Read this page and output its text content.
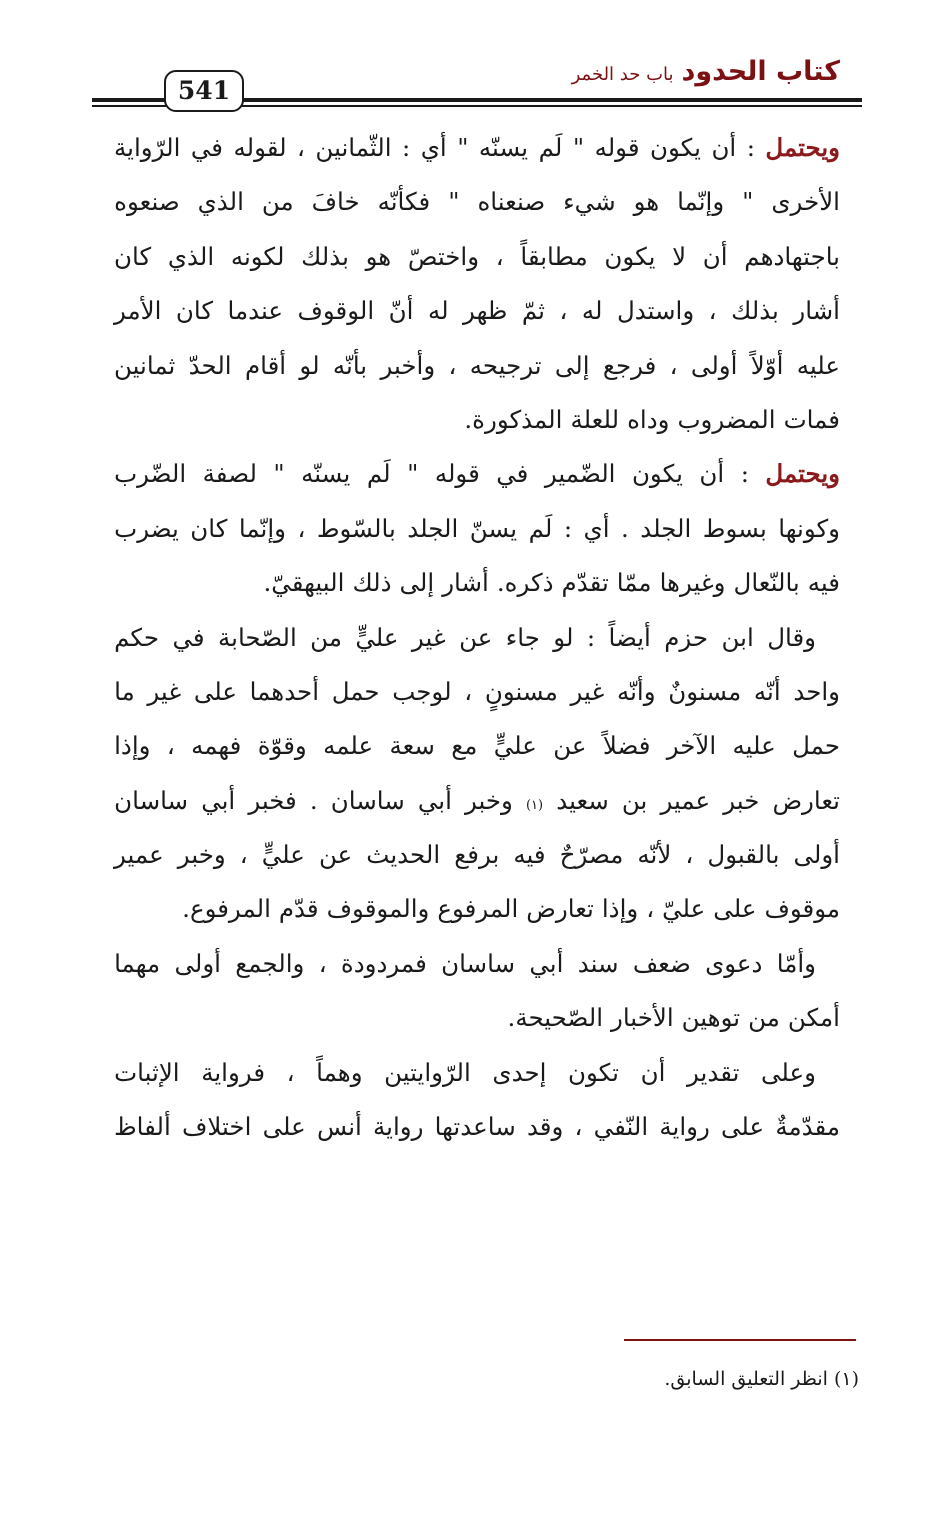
كتاب الحدودباب حد الخمر
541
ويحتمل
:
أن
يكون
قوله
"
لَم
يسنّه
"
أي
:
الثّمانين
،
لقوله
في
الرّواية
الأخرى
"
وإنّما
هو
شيء
صنعناه
"
فكأنّه
خافَ
من
الذي
صنعوه
باجتهادهم
أن
لا
يكون
مطابقاً
،
واختصّ
هو
بذلك
لكونه
الذي
كان
أشار
بذلك
،
واستدل
له
،
ثمّ
ظهر
له
أنّ
الوقوف
عندما
كان
الأمر
عليه
أوّلاً
أولى
،
فرجع
إلى
ترجيحه
،
وأخبر
بأنّه
لو
أقام
الحدّ
ثمانين
فمات
المضروب
وداه
للعلة
المذكورة.
ويحتمل
:
أن
يكون
الضّمير
في
قوله
"
لَم
يسنّه
"
لصفة
الضّرب
وكونها
بسوط
الجلد
.
أي
:
لَم
يسنّ
الجلد
بالسّوط
،
وإنّما
كان
يضرب
فيه
بالنّعال
وغيرها
ممّا
تقدّم
ذكره.
أشار
إلى
ذلك
البيهقيّ.
وقال
ابن
حزم
أيضاً
:
لو
جاء
عن
غير
عليٍّ
من
الصّحابة
في
حكم
واحد
أنّه
مسنونٌ
وأنّه
غير
مسنونٍ
،
لوجب
حمل
أحدهما
على
غير
ما
حمل
عليه
الآخر
فضلاً
عن
عليٍّ
مع
سعة
علمه
وقوّة
فهمه
،
وإذا
تعارض
خبر
عمير
بن
سعيد
(١)
وخبر
أبي
ساسان
.
فخبر
أبي
ساسان
أولى
بالقبول
،
لأنّه
مصرّحٌ
فيه
برفع
الحديث
عن
عليٍّ
،
وخبر
عمير
موقوف
على
عليّ
،
وإذا
تعارض
المرفوع
والموقوف
قدّم
المرفوع.
وأمّا
دعوى
ضعف
سند
أبي
ساسان
فمردودة
،
والجمع
أولى
مهما
أمكن
من
توهين
الأخبار
الصّحيحة.
وعلى
تقدير
أن
تكون
إحدى
الرّوايتين
وهماً
،
فرواية
الإثبات
مقدّمةٌ
على
رواية
النّفي
،
وقد
ساعدتها
رواية
أنس
على
اختلاف
ألفاظ
(١) انظر التعليق السابق.
